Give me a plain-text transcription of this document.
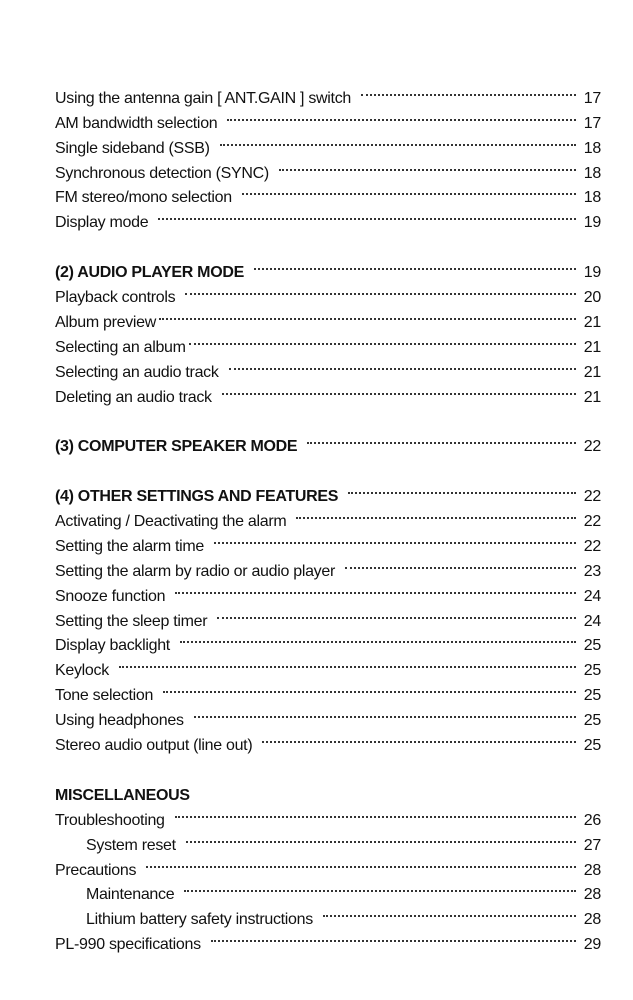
Using the antenna gain [ ANT.GAIN ] switch	17
AM bandwidth selection	17
Single sideband (SSB)	18
Synchronous detection (SYNC)	18
FM stereo/mono selection	18
Display mode	19
(2) AUDIO PLAYER MODE	19
Playback controls	20
Album preview	21
Selecting an album	21
Selecting an audio track	21
Deleting an audio track	21
(3) COMPUTER SPEAKER MODE	22
(4) OTHER SETTINGS AND FEATURES	22
Activating / Deactivating the alarm	22
Setting the alarm time	22
Setting the alarm by radio or audio player	23
Snooze function	24
Setting the sleep timer	24
Display backlight	25
Keylock	25
Tone selection	25
Using headphones	25
Stereo audio output (line out)	25
MISCELLANEOUS
Troubleshooting	26
System reset	27
Precautions	28
Maintenance	28
Lithium battery safety instructions	28
PL-990 specifications	29
